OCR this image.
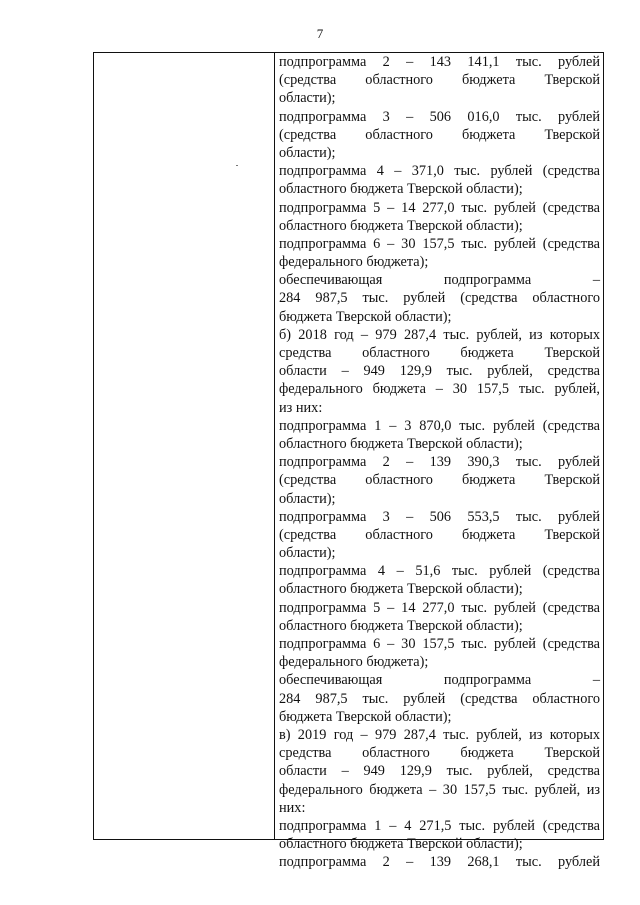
7
подпрограмма 2 – 143 141,1 тыс. рублей
(средства областного бюджета Тверской
области);
подпрограмма 3 – 506 016,0 тыс. рублей
(средства областного бюджета Тверской
области);
подпрограмма 4 – 371,0 тыс. рублей (средства
областного бюджета Тверской области);
подпрограмма 5 – 14 277,0 тыс. рублей (средства
областного бюджета Тверской области);
подпрограмма 6 – 30 157,5 тыс. рублей (средства
федерального бюджета);
обеспечивающая подпрограмма –
284 987,5 тыс. рублей (средства областного
бюджета Тверской области);
б) 2018 год – 979 287,4 тыс. рублей, из которых
средства областного бюджета Тверской
области – 949 129,9 тыс. рублей, средства
федерального бюджета – 30 157,5 тыс. рублей,
из них:
подпрограмма 1 – 3 870,0 тыс. рублей (средства
областного бюджета Тверской области);
подпрограмма 2 – 139 390,3 тыс. рублей
(средства областного бюджета Тверской
области);
подпрограмма 3 – 506 553,5 тыс. рублей
(средства областного бюджета Тверской
области);
подпрограмма 4 – 51,6 тыс. рублей (средства
областного бюджета Тверской области);
подпрограмма 5 – 14 277,0 тыс. рублей (средства
областного бюджета Тверской области);
подпрограмма 6 – 30 157,5 тыс. рублей (средства
федерального бюджета);
обеспечивающая подпрограмма –
284 987,5 тыс. рублей (средства областного
бюджета Тверской области);
в) 2019 год – 979 287,4 тыс. рублей, из которых
средства областного бюджета Тверской
области – 949 129,9 тыс. рублей, средства
федерального бюджета – 30 157,5 тыс. рублей, из
них:
подпрограмма 1 – 4 271,5 тыс. рублей (средства
областного бюджета Тверской области);
подпрограмма 2 – 139 268,1 тыс. рублей
